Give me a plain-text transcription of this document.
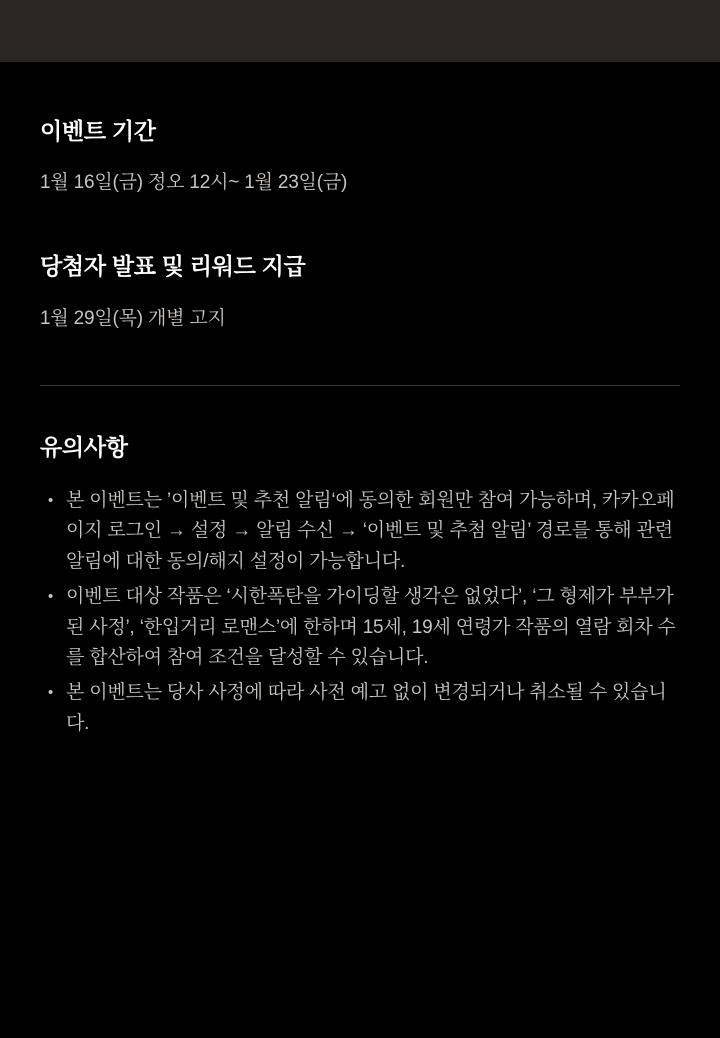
이벤트 기간
1월 16일(금) 정오 12시~ 1월 23일(금)
당첨자 발표 및 리워드 지급
1월 29일(목) 개별 고지
유의사항
• 본 이벤트는 ’이벤트 및 추천 알림‘에 동의한 회원만 참여 가능하며, 카카오페이지 로그인 → 설정 → 알림 수신 → ‘이벤트 및 추첨 알림’ 경로를 통해 관련 알림에 대한 동의/해지 설정이 가능합니다.
• 이벤트 대상 작품은 ‘시한폭탄을 가이딩할 생각은 없었다’, ‘그 형제가 부부가 된 사정’, ‘한입거리 로맨스’에 한하며 15세, 19세 연령가 작품의 열람 회차 수를 합산하여 참여 조건을 달성할 수 있습니다.
• 본 이벤트는 당사 사정에 따라 사전 예고 없이 변경되거나 취소될 수 있습니다.
